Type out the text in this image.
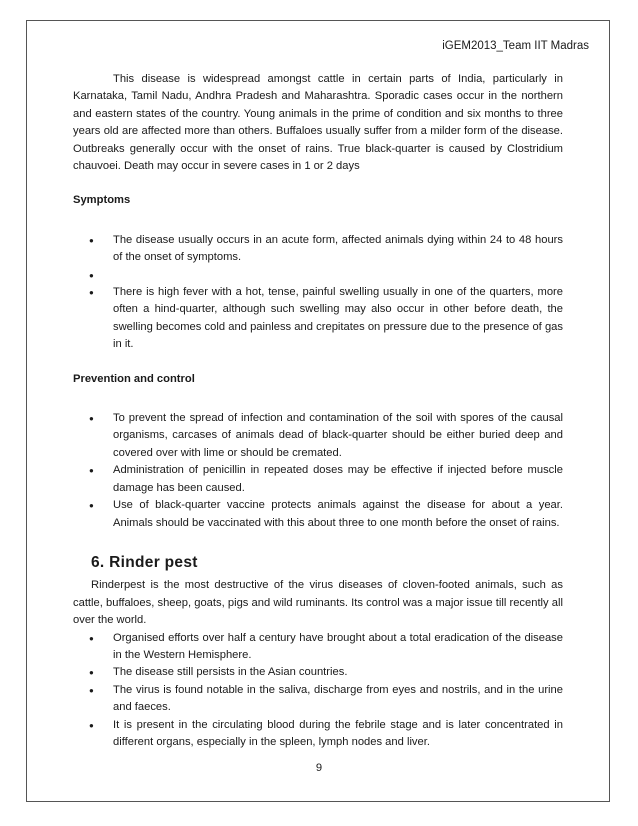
iGEM2013_Team IIT Madras

This disease is widespread amongst cattle in certain parts of India, particularly in Karnataka, Tamil Nadu, Andhra Pradesh and Maharashtra. Sporadic cases occur in the northern and eastern states of the country. Young animals in the prime of condition and six months to three years old are affected more than others. Buffaloes usually suffer from a milder form of the disease. Outbreaks generally occur with the onset of rains. True black-quarter is caused by Clostridium chauvoei. Death may occur in severe cases in 1 or 2 days

Symptoms

● The disease usually occurs in an acute form, affected animals dying within 24 to 48 hours of the onset of symptoms.
●
● There is high fever with a hot, tense, painful swelling usually in one of the quarters, more often a hind-quarter, although such swelling may also occur in other before death, the swelling becomes cold and painless and crepitates on pressure due to the presence of gas in it.

Prevention and control

● To prevent the spread of infection and contamination of the soil with spores of the causal organisms, carcases of animals dead of black-quarter should be either buried deep and covered over with lime or should be cremated.
● Administration of penicillin in repeated doses may be effective if injected before muscle damage has been caused.
● Use of black-quarter vaccine protects animals against the disease for about a year. Animals should be vaccinated with this about three to one month before the onset of rains.

6. Rinder pest

Rinderpest is the most destructive of the virus diseases of cloven-footed animals, such as cattle, buffaloes, sheep, goats, pigs and wild ruminants. Its control was a major issue till recently all over the world.

● Organised efforts over half a century have brought about a total eradication of the disease in the Western Hemisphere.
● The disease still persists in the Asian countries.
● The virus is found notable in the saliva, discharge from eyes and nostrils, and in the urine and faeces.
● It is present in the circulating blood during the febrile stage and is later concentrated in different organs, especially in the spleen, lymph nodes and liver.
9
